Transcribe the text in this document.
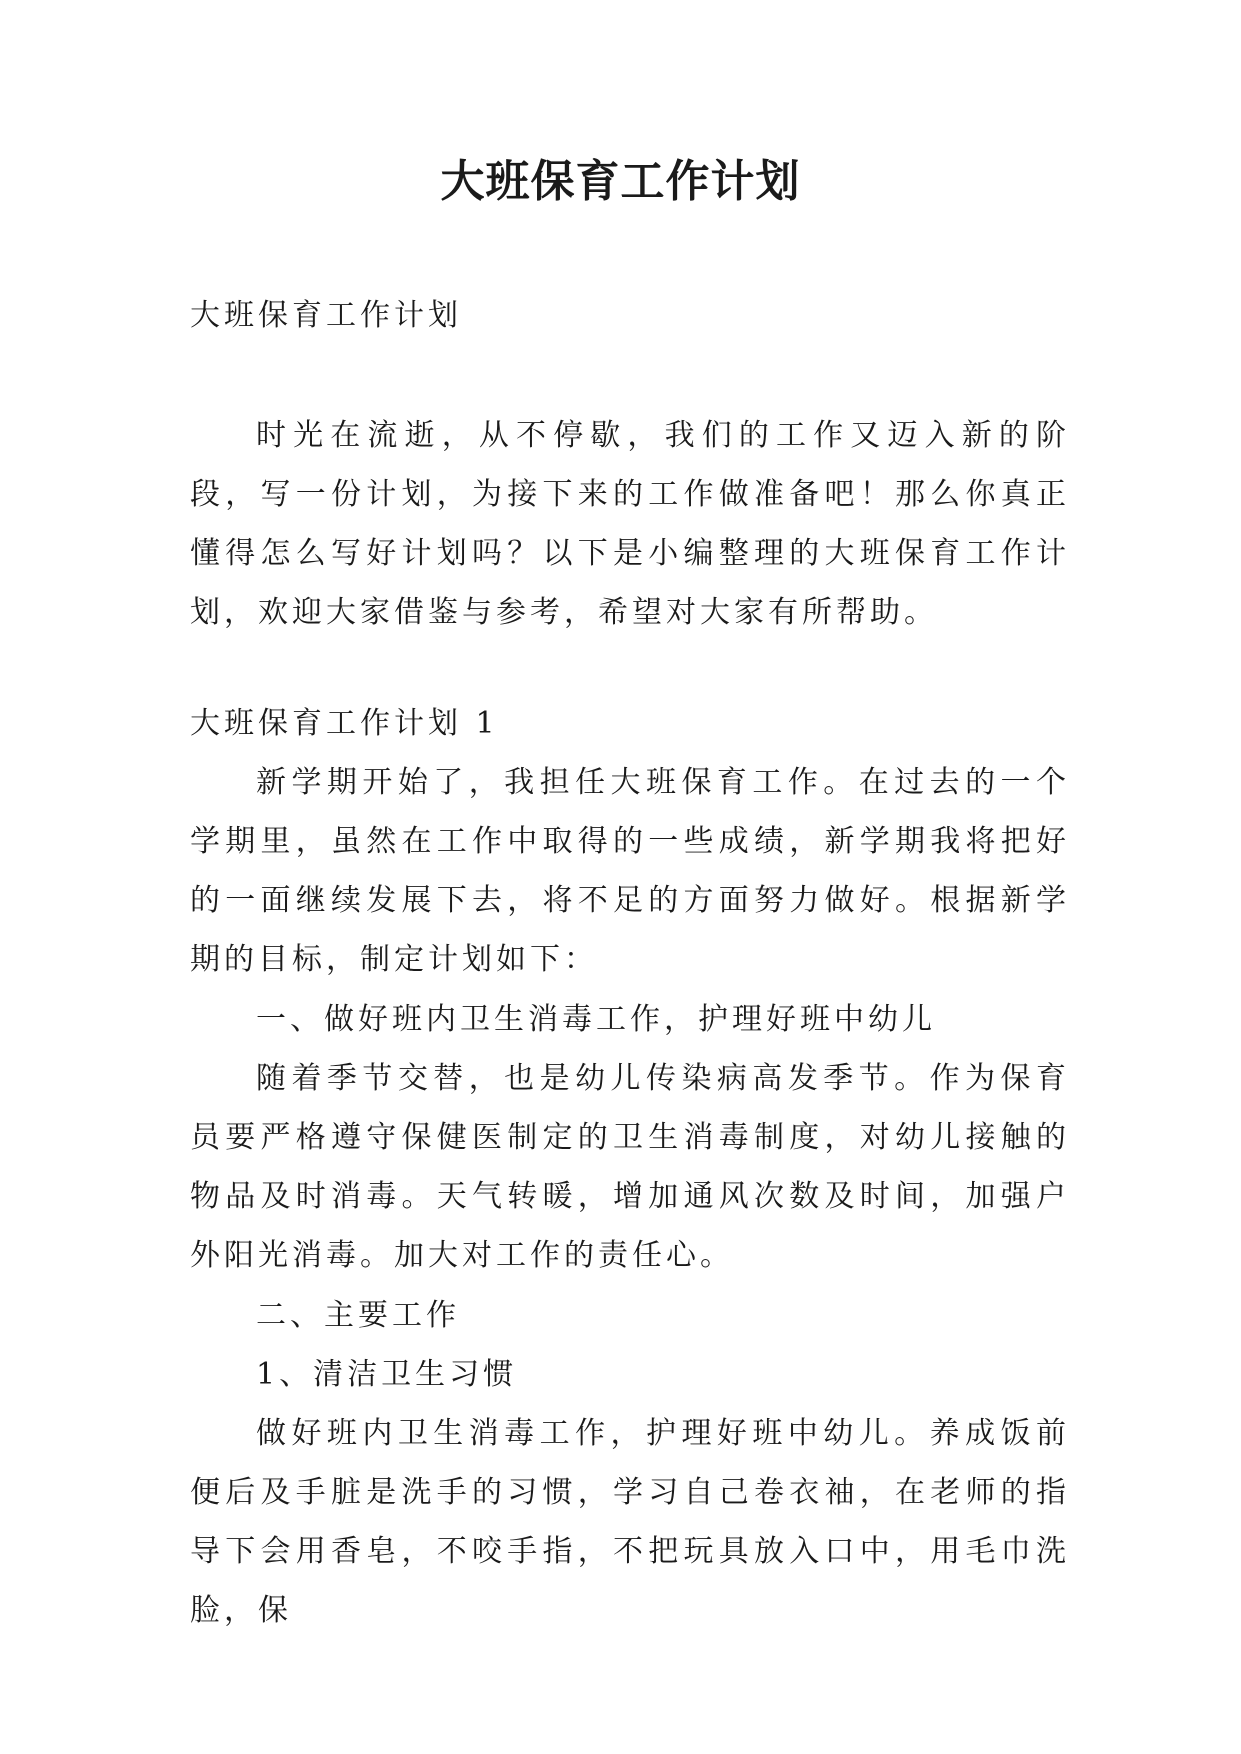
大班保育工作计划

大班保育工作计划

时光在流逝，从不停歇，我们的工作又迈入新的阶段，写一份计划，为接下来的工作做准备吧！那么你真正懂得怎么写好计划吗？以下是小编整理的大班保育工作计划，欢迎大家借鉴与参考，希望对大家有所帮助。

大班保育工作计划 1

新学期开始了，我担任大班保育工作。在过去的一个学期里，虽然在工作中取得的一些成绩，新学期我将把好的一面继续发展下去，将不足的方面努力做好。根据新学期的目标，制定计划如下：

一、做好班内卫生消毒工作，护理好班中幼儿

随着季节交替，也是幼儿传染病高发季节。作为保育员要严格遵守保健医制定的卫生消毒制度，对幼儿接触的物品及时消毒。天气转暖，增加通风次数及时间，加强户外阳光消毒。加大对工作的责任心。

二、主要工作

1、清洁卫生习惯

做好班内卫生消毒工作，护理好班中幼儿。养成饭前便后及手脏是洗手的习惯，学习自己卷衣袖，在老师的指导下会用香皂，不咬手指，不把玩具放入口中，用毛巾洗脸，保
